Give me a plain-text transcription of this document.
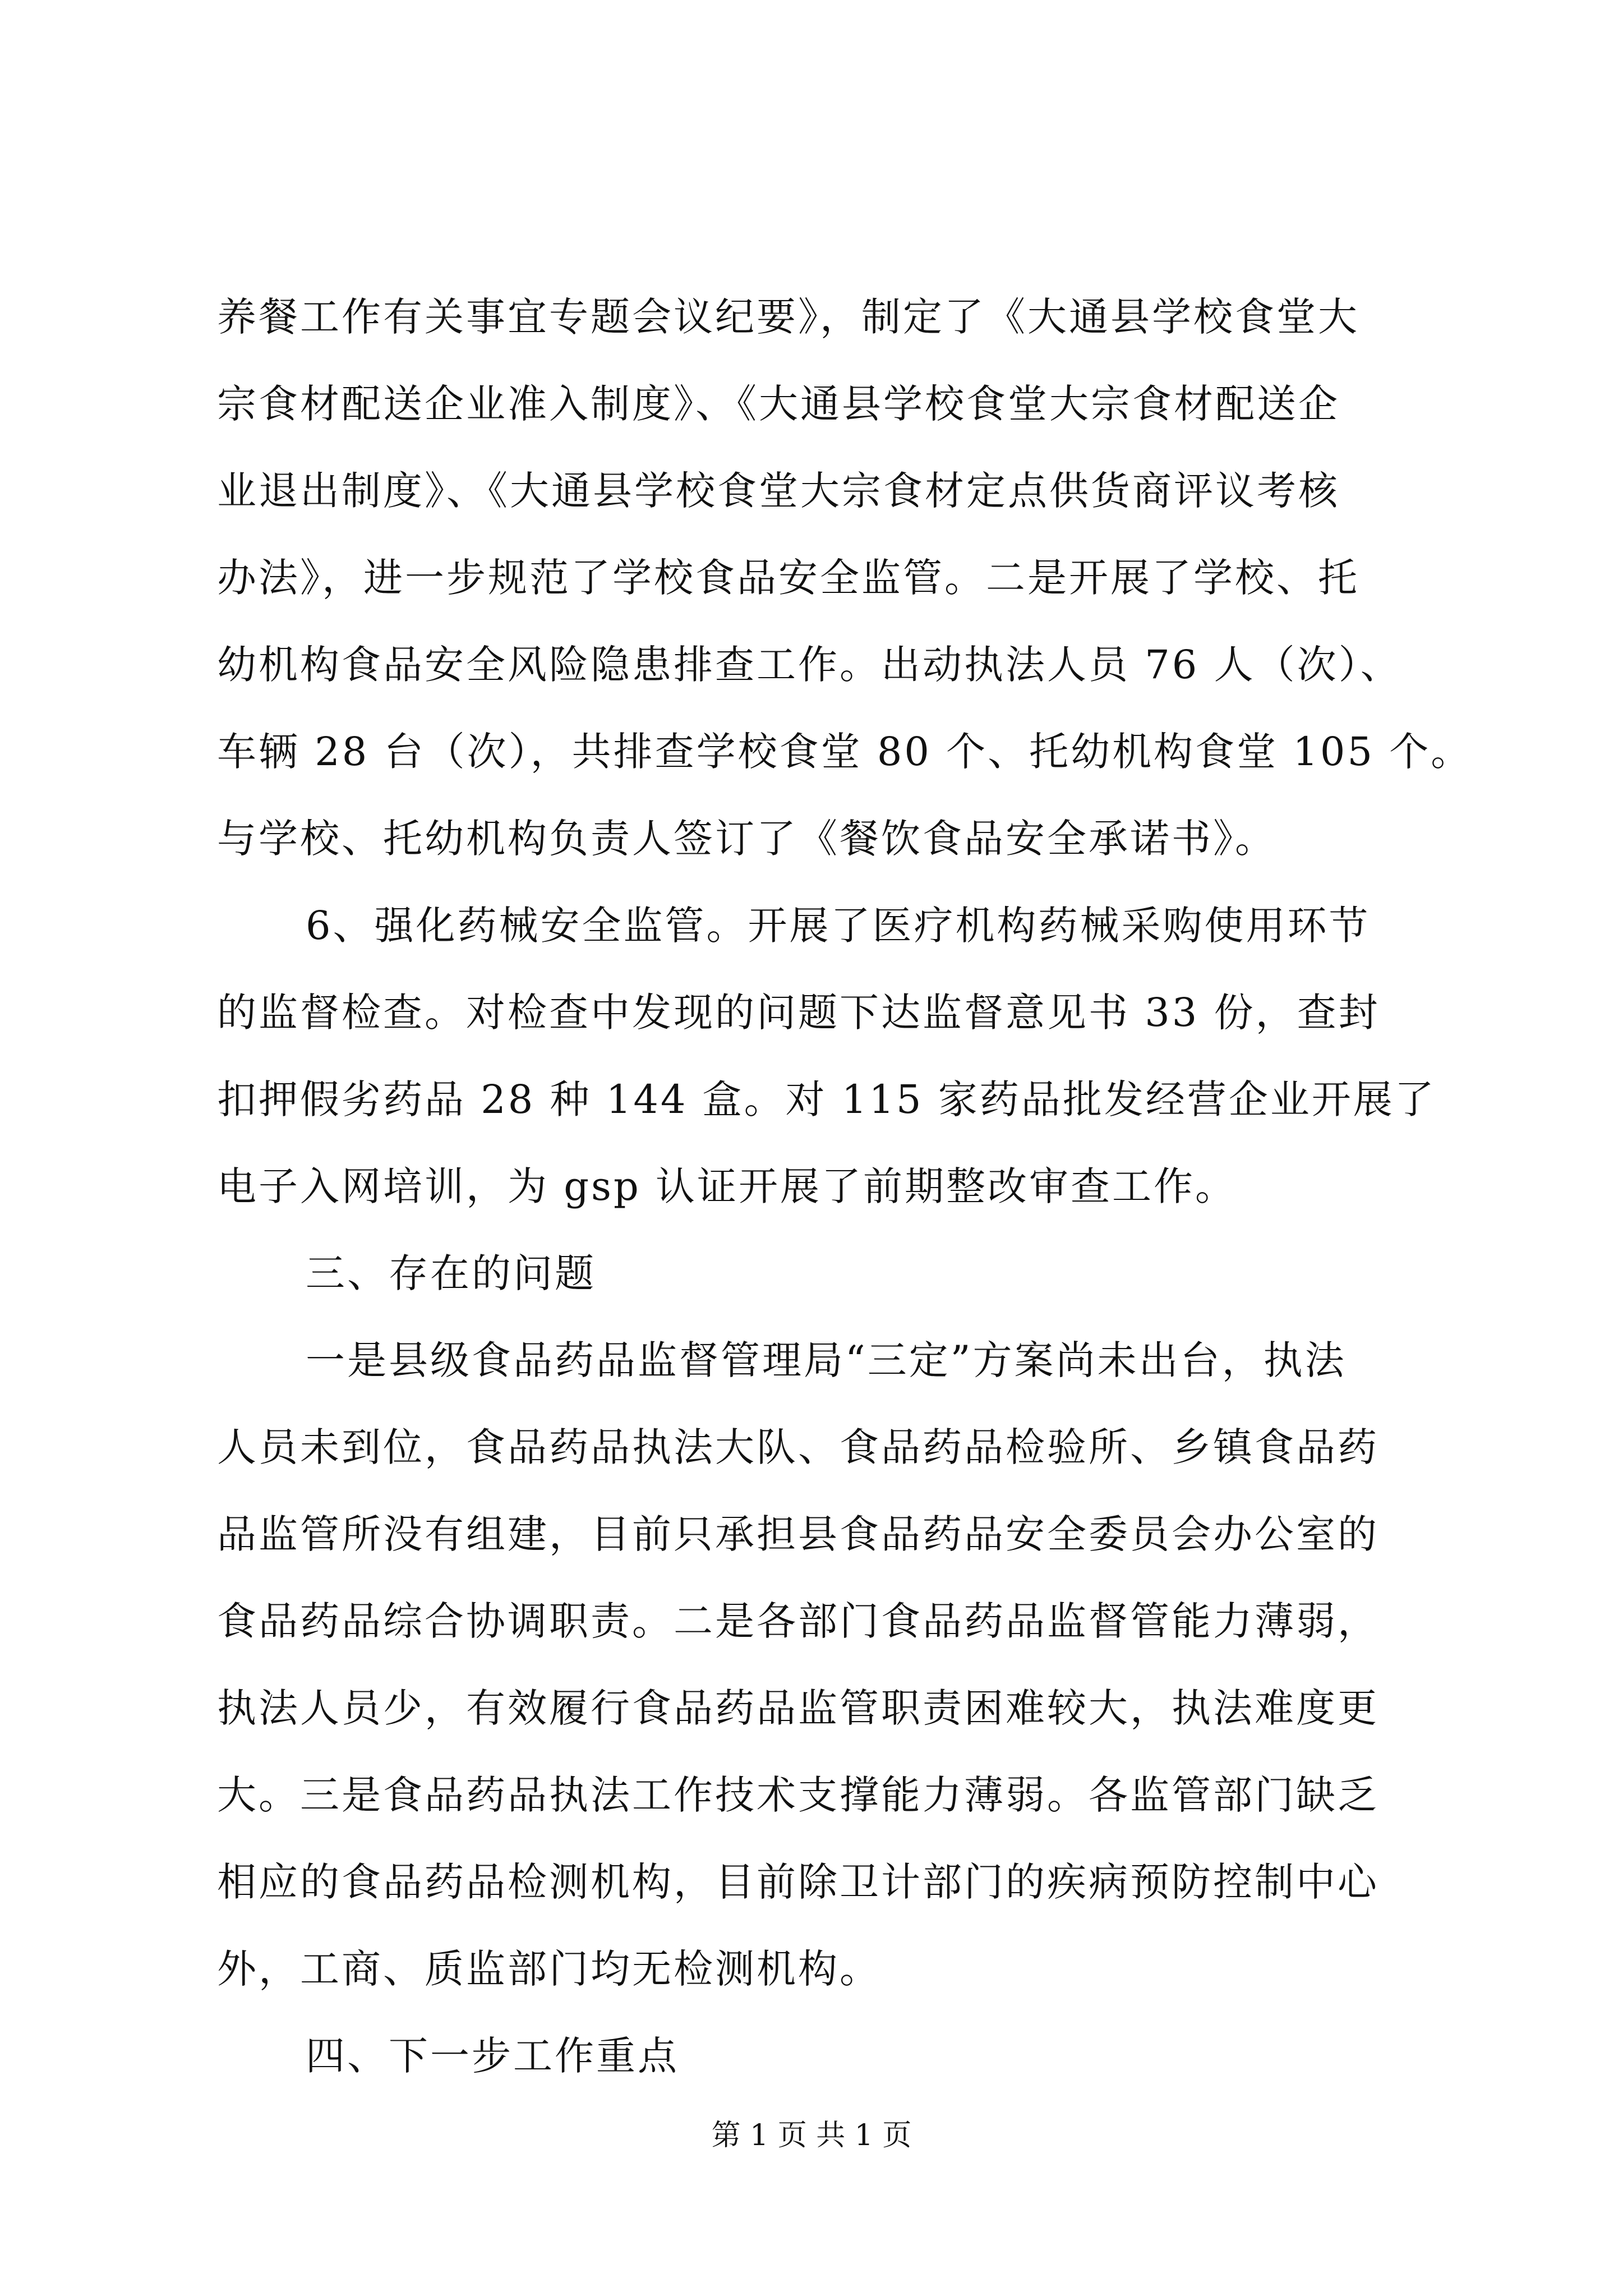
养餐工作有关事宜专题会议纪要》，制定了《大通县学校食堂大
宗食材配送企业准入制度》、《大通县学校食堂大宗食材配送企
业退出制度》、《大通县学校食堂大宗食材定点供货商评议考核
办法》，进一步规范了学校食品安全监管。二是开展了学校、托
幼机构食品安全风险隐患排查工作。出动执法人员 76 人（次）、
车辆 28 台（次），共排查学校食堂 80 个、托幼机构食堂 105 个。
与学校、托幼机构负责人签订了《餐饮食品安全承诺书》。
6、强化药械安全监管。开展了医疗机构药械采购使用环节
的监督检查。对检查中发现的问题下达监督意见书 33 份，查封
扣押假劣药品 28 种 144 盒。对 115 家药品批发经营企业开展了
电子入网培训，为 gsp 认证开展了前期整改审查工作。
三、存在的问题
一是县级食品药品监督管理局“三定”方案尚未出台，执法
人员未到位，食品药品执法大队、食品药品检验所、乡镇食品药
品监管所没有组建，目前只承担县食品药品安全委员会办公室的
食品药品综合协调职责。二是各部门食品药品监督管能力薄弱，
执法人员少，有效履行食品药品监管职责困难较大，执法难度更
大。三是食品药品执法工作技术支撑能力薄弱。各监管部门缺乏
相应的食品药品检测机构，目前除卫计部门的疾病预防控制中心
外，工商、质监部门均无检测机构。
四、下一步工作重点
第 1 页 共 1 页
